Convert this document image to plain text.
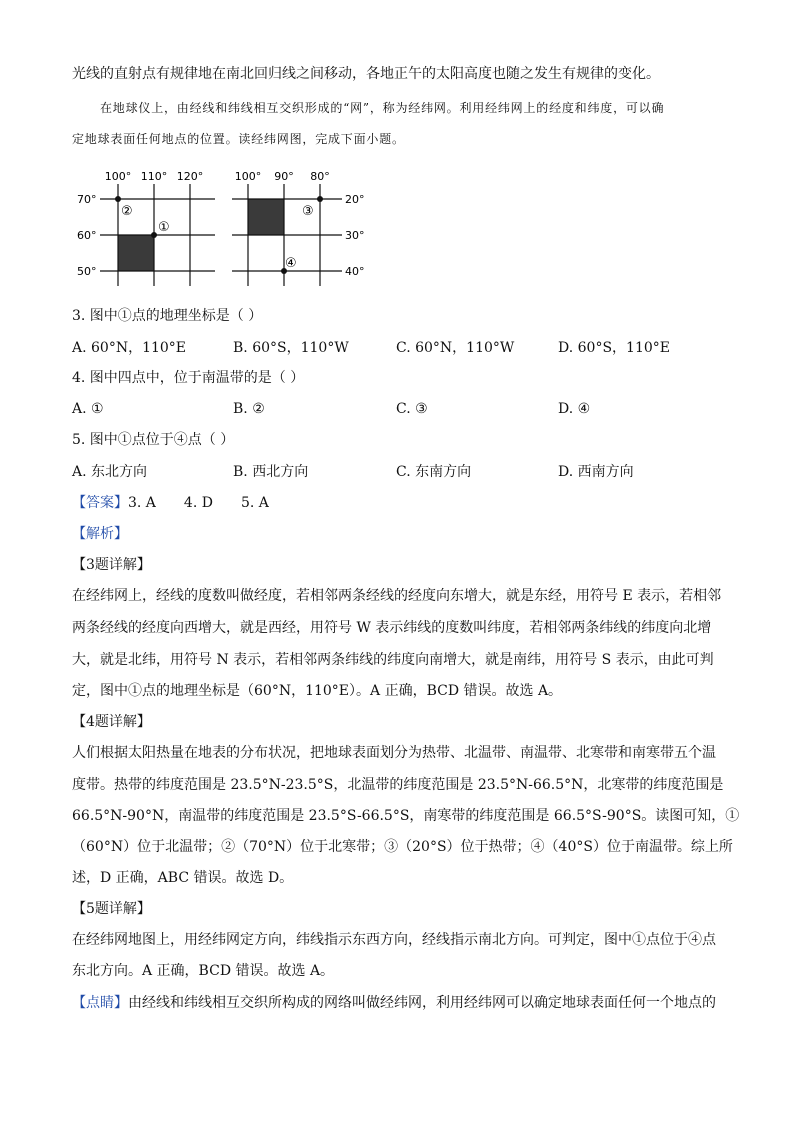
光线的直射点有规律地在南北回归线之间移动，各地正午的太阳高度也随之发生有规律的变化。
在地球仪上，由经线和纬线相互交织形成的“网”，称为经纬网。利用经纬网上的经度和纬度，可以确
定地球表面任何地点的位置。读经纬网图，完成下面小题。
100° 110° 120°
70°
60°
50°
②
①
100° 90° 80°
20°
30°
40°
③
④
3. 图中①点的地理坐标是（ ）
A. 60°N，110°E	B. 60°S，110°W	C. 60°N，110°W	D. 60°S，110°E
4. 图中四点中，位于南温带的是（ ）
A. ①	B. ②	C. ③	D. ④
5. 图中①点位于④点（ ）
A. 东北方向	B. 西北方向	C. 东南方向	D. 西南方向
【答案】3. A 4. D 5. A
【解析】
【3题详解】
在经纬网上，经线的度数叫做经度，若相邻两条经线的经度向东增大，就是东经，用符号 E 表示，若相邻
两条经线的经度向西增大，就是西经，用符号 W 表示纬线的度数叫纬度，若相邻两条纬线的纬度向北增
大，就是北纬，用符号 N 表示，若相邻两条纬线的纬度向南增大，就是南纬，用符号 S 表示，由此可判
定，图中①点的地理坐标是（60°N，110°E）。A 正确，BCD 错误。故选 A。
【4题详解】
人们根据太阳热量在地表的分布状况，把地球表面划分为热带、北温带、南温带、北寒带和南寒带五个温
度带。热带的纬度范围是 23.5°N-23.5°S，北温带的纬度范围是 23.5°N-66.5°N，北寒带的纬度范围是
66.5°N-90°N，南温带的纬度范围是 23.5°S-66.5°S，南寒带的纬度范围是 66.5°S-90°S。读图可知，①
（60°N）位于北温带；②（70°N）位于北寒带；③（20°S）位于热带；④（40°S）位于南温带。综上所
述，D 正确，ABC 错误。故选 D。
【5题详解】
在经纬网地图上，用经纬网定方向，纬线指示东西方向，经线指示南北方向。可判定，图中①点位于④点
东北方向。A 正确，BCD 错误。故选 A。
【点睛】由经线和纬线相互交织所构成的网络叫做经纬网，利用经纬网可以确定地球表面任何一个地点的
